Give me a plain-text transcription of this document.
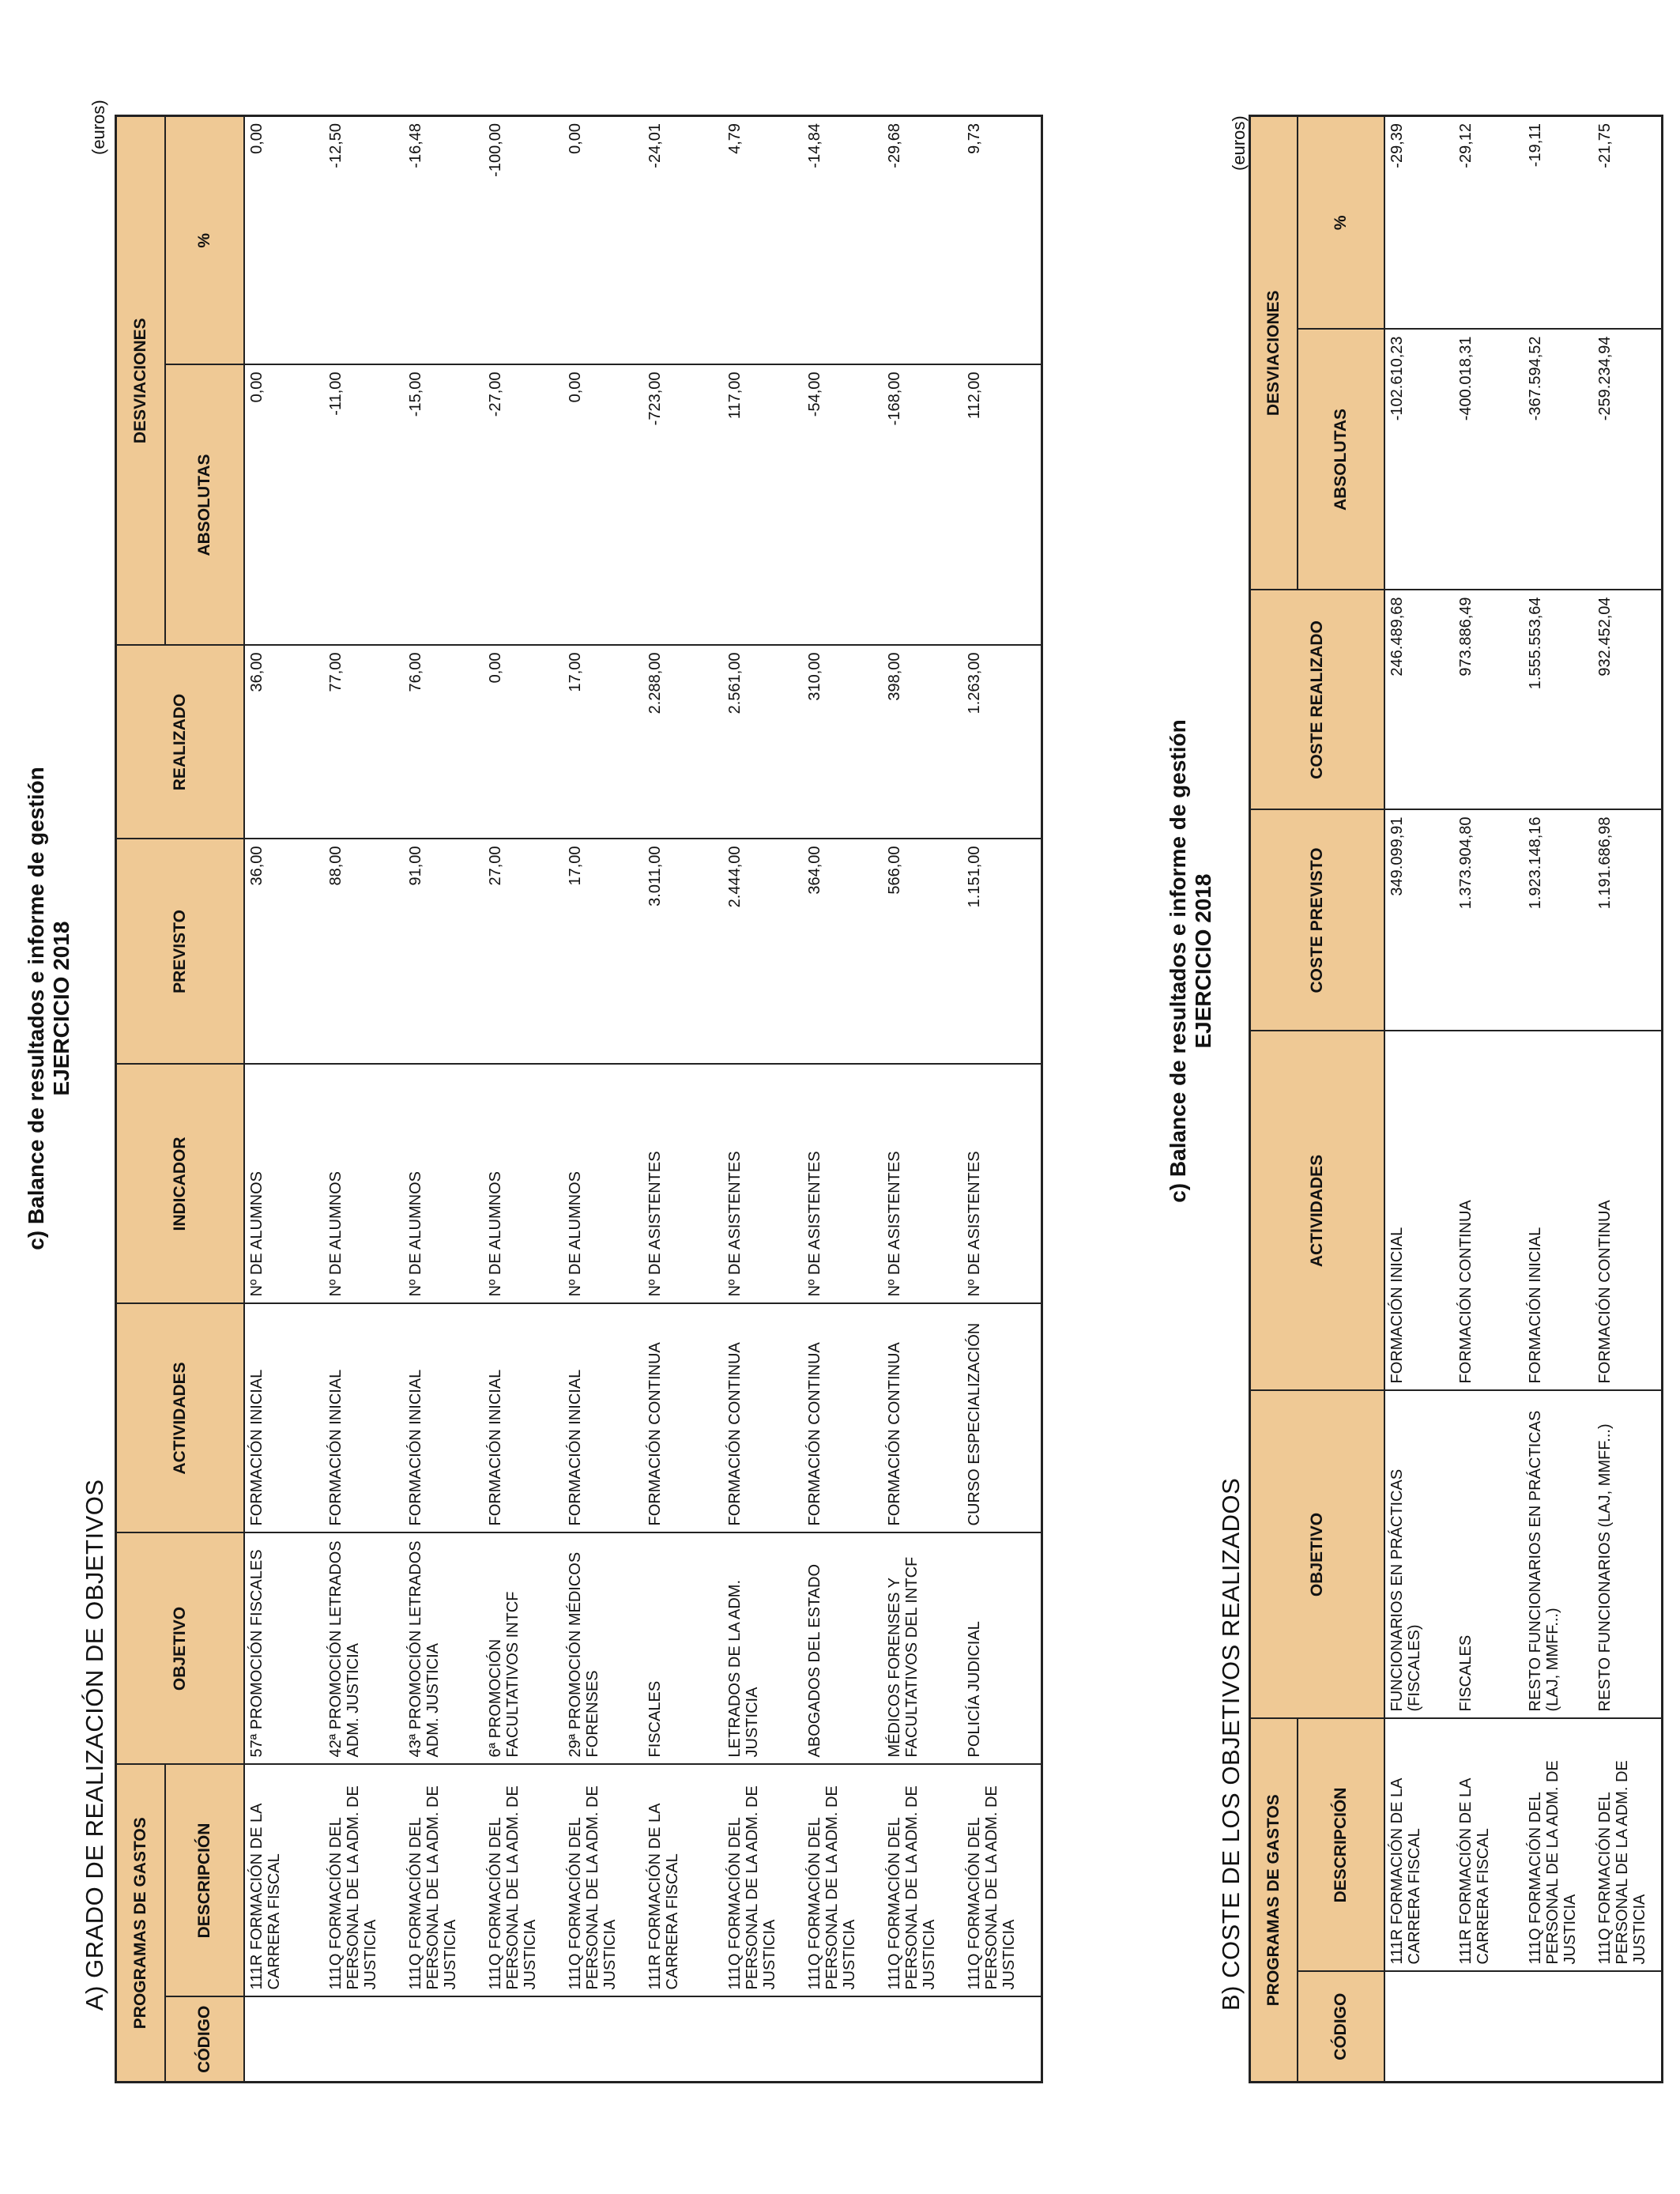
c) Balance de resultados e informe de gestión EJERCICIO 2018
A) GRADO DE REALIZACIÓN DE OBJETIVOS
(euros)
PROGRAMAS DE GASTOS		OBJETIVO	ACTIVIDADES	INDICADOR	PREVISTO	REALIZADO	DESVIACIONES	
CÓDIGO	DESCRIPCIÓN						ABSOLUTAS	%
	111R FORMACIÓN DE LA CARRERA FISCAL	57ª PROMOCIÓN FISCALES	FORMACIÓN INICIAL	Nº DE ALUMNOS	36,00	36,00	0,00	0,00
	111Q FORMACIÓN DEL PERSONAL DE LA ADM. DE JUSTICIA	42ª PROMOCIÓN LETRADOS ADM. JUSTICIA	FORMACIÓN INICIAL	Nº DE ALUMNOS	88,00	77,00	-11,00	-12,50
	111Q FORMACIÓN DEL PERSONAL DE LA ADM. DE JUSTICIA	43ª PROMOCIÓN LETRADOS ADM. JUSTICIA	FORMACIÓN INICIAL	Nº DE ALUMNOS	91,00	76,00	-15,00	-16,48
	111Q FORMACIÓN DEL PERSONAL DE LA ADM. DE JUSTICIA	6ª PROMOCIÓN FACULTATIVOS INTCF	FORMACIÓN INICIAL	Nº DE ALUMNOS	27,00	0,00	-27,00	-100,00
	111Q FORMACIÓN DEL PERSONAL DE LA ADM. DE JUSTICIA	29ª PROMOCIÓN MÉDICOS FORENSES	FORMACIÓN INICIAL	Nº DE ALUMNOS	17,00	17,00	0,00	0,00
	111R FORMACIÓN DE LA CARRERA FISCAL	FISCALES	FORMACIÓN CONTINUA	Nº DE ASISTENTES	3.011,00	2.288,00	-723,00	-24,01
	111Q FORMACIÓN DEL PERSONAL DE LA ADM. DE JUSTICIA	LETRADOS DE LA ADM. JUSTICIA	FORMACIÓN CONTINUA	Nº DE ASISTENTES	2.444,00	2.561,00	117,00	4,79
	111Q FORMACIÓN DEL PERSONAL DE LA ADM. DE JUSTICIA	ABOGADOS DEL ESTADO	FORMACIÓN CONTINUA	Nº DE ASISTENTES	364,00	310,00	-54,00	-14,84
	111Q FORMACIÓN DEL PERSONAL DE LA ADM. DE JUSTICIA	MÉDICOS FORENSES Y FACULTATIVOS DEL INTCF	FORMACIÓN CONTINUA	Nº DE ASISTENTES	566,00	398,00	-168,00	-29,68
	111Q FORMACIÓN DEL PERSONAL DE LA ADM. DE JUSTICIA	POLICÍA JUDICIAL	CURSO ESPECIALIZACIÓN	Nº DE ASISTENTES	1.151,00	1.263,00	112,00	9,73
c) Balance de resultados e informe de gestión EJERCICIO 2018
B) COSTE DE LOS OBJETIVOS REALIZADOS
(euros)
PROGRAMAS DE GASTOS		OBJETIVO	ACTIVIDADES	COSTE PREVISTO	COSTE REALIZADO	DESVIACIONES	
CÓDIGO	DESCRIPCIÓN					ABSOLUTAS	%
	111R FORMACIÓN DE LA CARRERA FISCAL	FUNCIONARIOS EN PRÁCTICAS (FISCALES)	FORMACIÓN INICIAL	349.099,91	246.489,68	-102.610,23	-29,39
	111R FORMACIÓN DE LA CARRERA FISCAL	FISCALES	FORMACIÓN CONTINUA	1.373.904,80	973.886,49	-400.018,31	-29,12
	111Q FORMACIÓN DEL PERSONAL DE LA ADM. DE JUSTICIA	RESTO FUNCIONARIOS EN PRÁCTICAS (LAJ, MMFF...)	FORMACIÓN INICIAL	1.923.148,16	1.555.553,64	-367.594,52	-19,11
	111Q FORMACIÓN DEL PERSONAL DE LA ADM. DE JUSTICIA	RESTO FUNCIONARIOS (LAJ, MMFF...)	FORMACIÓN CONTINUA	1.191.686,98	932.452,04	-259.234,94	-21,75
